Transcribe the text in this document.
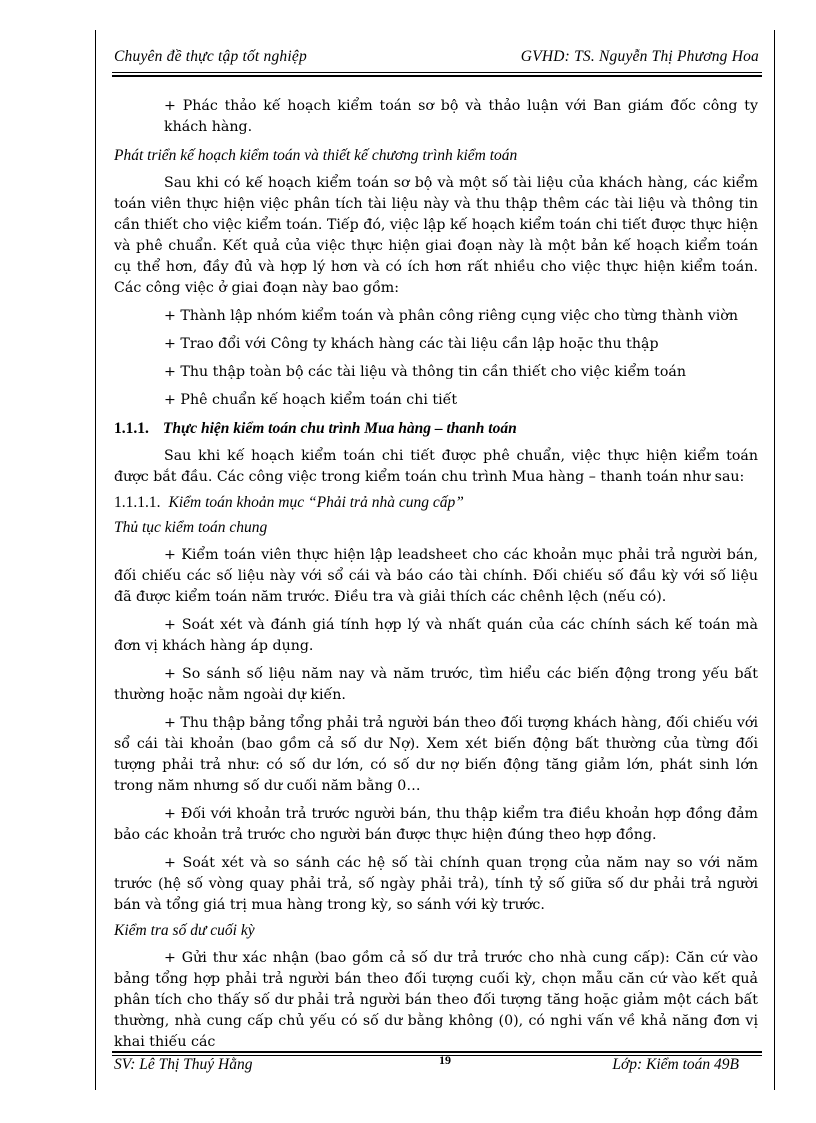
Chuyên đề thực tập tốt nghiệp	GVHD: TS. Nguyễn Thị Phương Hoa

+ Phác thảo kế hoạch kiểm toán sơ bộ và thảo luận với Ban giám đốc công ty khách hàng.

Phát triển kế hoạch kiểm toán và thiết kế chương trình kiểm toán

Sau khi có kế hoạch kiểm toán sơ bộ và một số tài liệu của khách hàng, các kiểm toán viên thực hiện việc phân tích tài liệu này và thu thập thêm các tài liệu và thông tin cần thiết cho việc kiểm toán. Tiếp đó, việc lập kế hoạch kiểm toán chi tiết được thực hiện và phê chuẩn. Kết quả của việc thực hiện giai đoạn này là một bản kế hoạch kiểm toán cụ thể hơn, đầy đủ và hợp lý hơn và có ích hơn rất nhiều cho việc thực hiện kiểm toán. Các công việc ở giai đoạn này bao gồm:

+ Thành lập nhóm kiểm toán và phân công riêng cụng việc cho từng thành viờn

+ Trao đổi với Công ty khách hàng các tài liệu cần lập hoặc thu thập

+ Thu thập toàn bộ các tài liệu và thông tin cần thiết cho việc kiểm toán

+ Phê chuẩn kế hoạch kiểm toán chi tiết

1.1.1. Thực hiện kiểm toán chu trình Mua hàng – thanh toán

Sau khi kế hoạch kiểm toán chi tiết được phê chuẩn, việc thực hiện kiểm toán được bắt đầu. Các công việc trong kiểm toán chu trình Mua hàng – thanh toán như sau:

1.1.1.1. Kiểm toán khoản mục “Phải trả nhà cung cấp”

Thủ tục kiểm toán chung

+ Kiểm toán viên thực hiện lập leadsheet cho các khoản mục phải trả người bán, đối chiếu các số liệu này với sổ cái và báo cáo tài chính. Đối chiếu số đầu kỳ với số liệu đã được kiểm toán năm trước. Điều tra và giải thích các chênh lệch (nếu có).

+ Soát xét và đánh giá tính hợp lý và nhất quán của các chính sách kế toán mà đơn vị khách hàng áp dụng.

+ So sánh số liệu năm nay và năm trước, tìm hiểu các biến động trong yếu bất thường hoặc nằm ngoài dự kiến.

+ Thu thập bảng tổng phải trả người bán theo đối tượng khách hàng, đối chiếu với sổ cái tài khoản (bao gồm cả số dư Nợ). Xem xét biến động bất thường của từng đối tượng phải trả như: có số dư lớn, có số dư nợ biến động tăng giảm lớn, phát sinh lớn trong năm nhưng số dư cuối năm bằng 0…

+ Đối với khoản trả trước người bán, thu thập kiểm tra điều khoản hợp đồng đảm bảo các khoản trả trước cho người bán được thực hiện đúng theo hợp đồng.

+ Soát xét và so sánh các hệ số tài chính quan trọng của năm nay so với năm trước (hệ số vòng quay phải trả, số ngày phải trả), tính tỷ số giữa số dư phải trả người bán và tổng giá trị mua hàng trong kỳ, so sánh với kỳ trước.

Kiểm tra số dư cuối kỳ

+ Gửi thư xác nhận (bao gồm cả số dư trả trước cho nhà cung cấp): Căn cứ vào bảng tổng hợp phải trả người bán theo đối tượng cuối kỳ, chọn mẫu căn cứ vào kết quả phân tích cho thấy số dư phải trả người bán theo đối tượng tăng hoặc giảm một cách bất thường, nhà cung cấp chủ yếu có số dư bằng không (0), có nghi vấn về khả năng đơn vị khai thiếu các

19
SV: Lê Thị Thuý Hằng	Lớp: Kiểm toán 49B
